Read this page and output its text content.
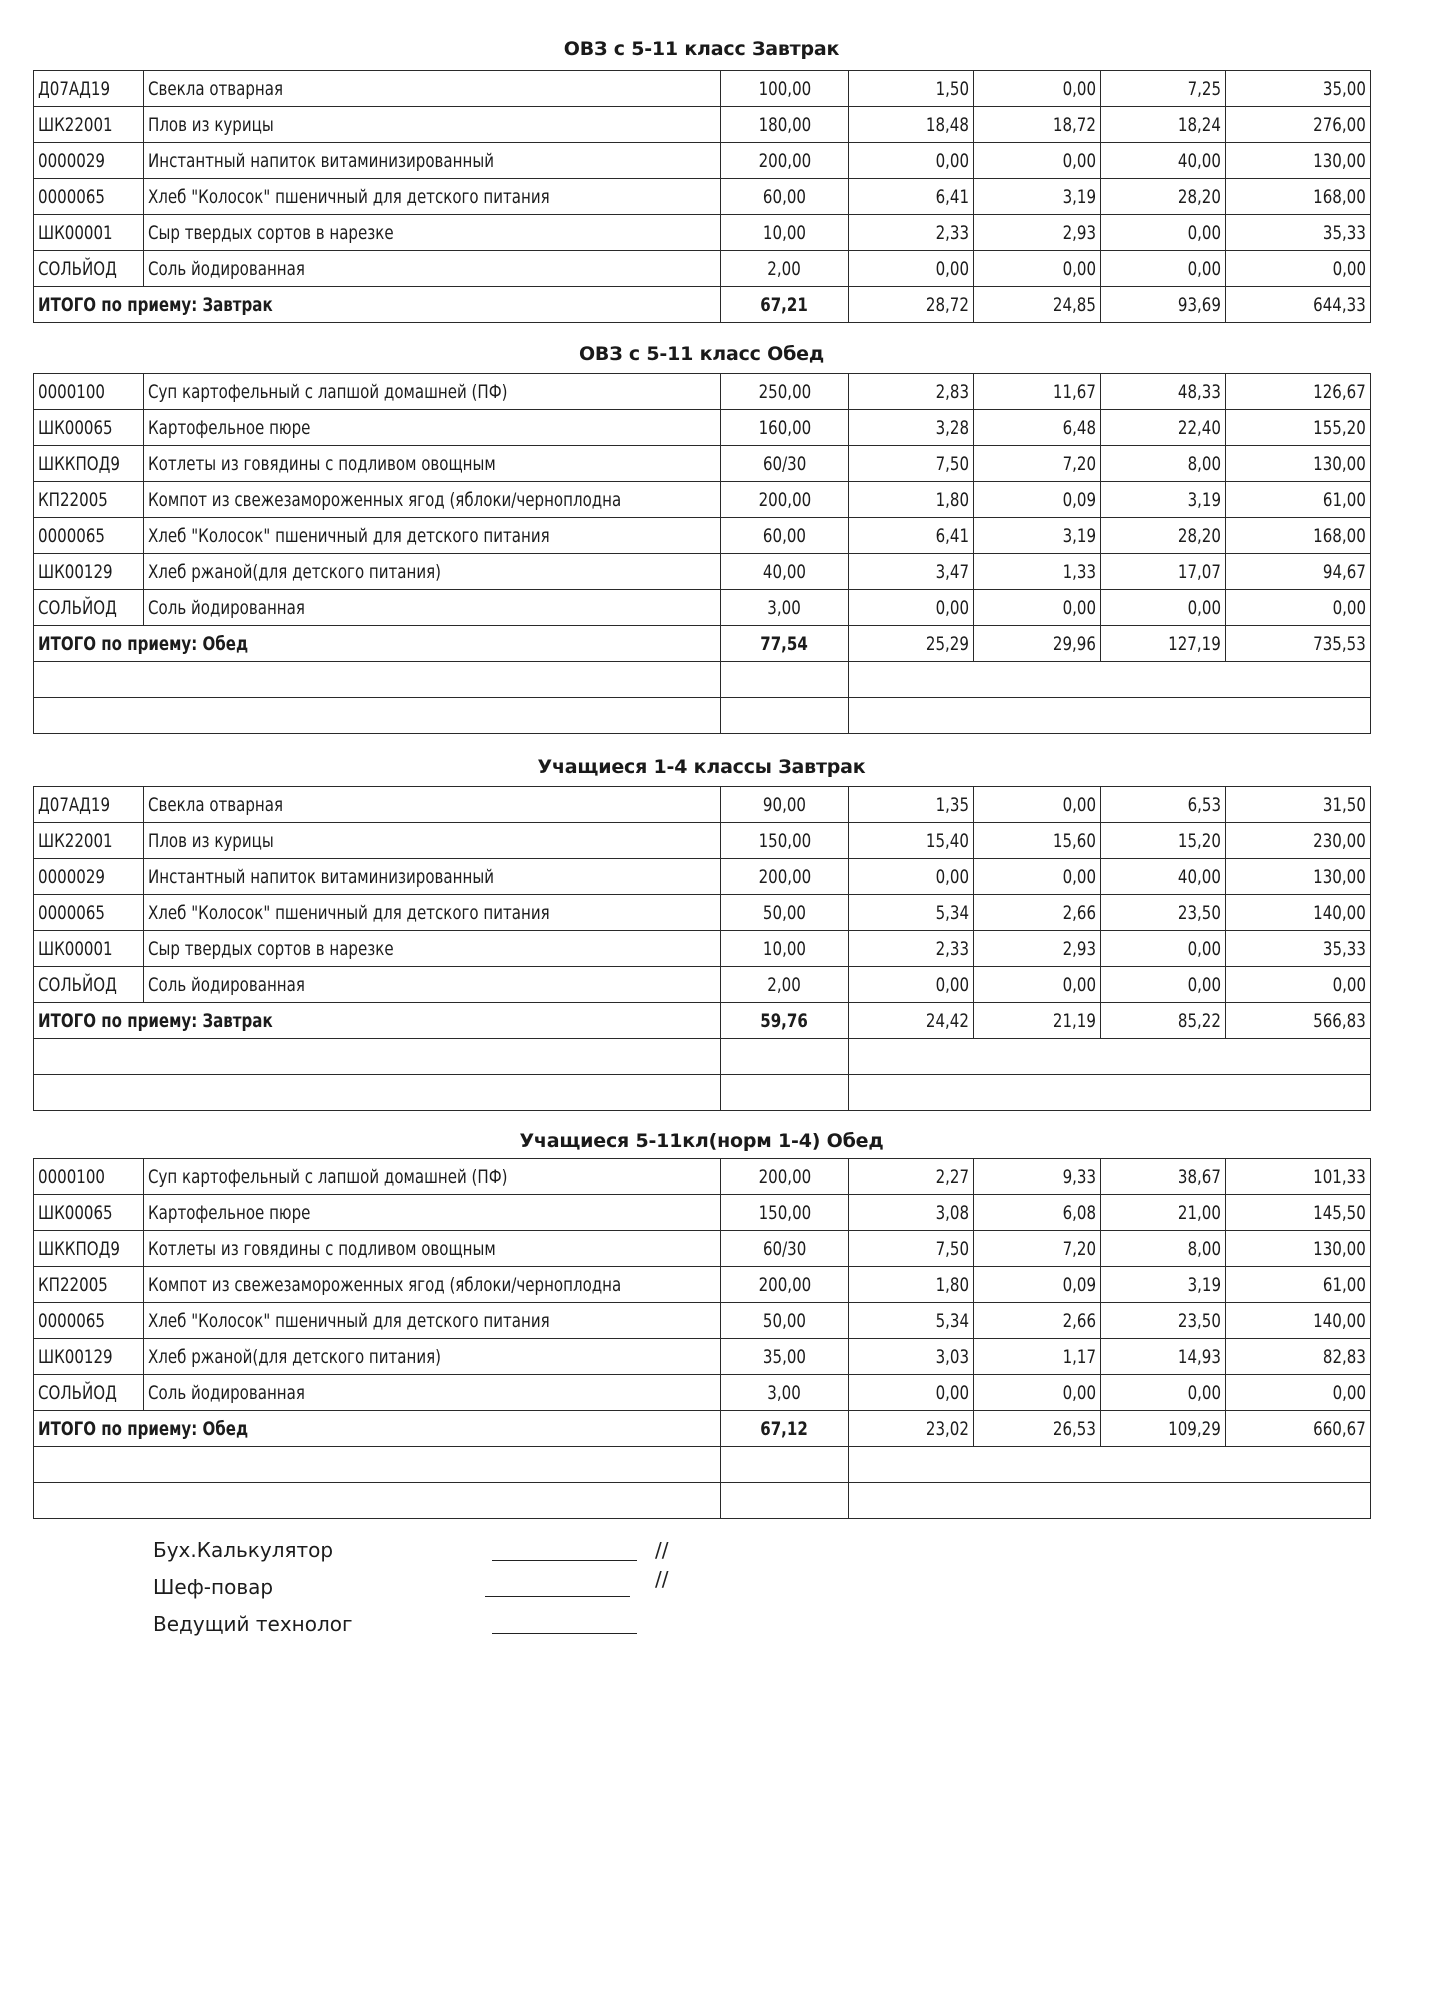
ОВЗ с 5-11 класс Завтрак
Д07АД19	Свекла отварная	100,00	1,50	0,00	7,25	35,00
ШК22001	Плов из курицы	180,00	18,48	18,72	18,24	276,00
0000029	Инстантный напиток витаминизированный	200,00	0,00	0,00	40,00	130,00
0000065	Хлеб "Колосок" пшеничный для детского питания	60,00	6,41	3,19	28,20	168,00
ШК00001	Сыр твердых сортов в нарезке	10,00	2,33	2,93	0,00	35,33
СОЛЬЙОД	Соль йодированная	2,00	0,00	0,00	0,00	0,00
ИТОГО по приему: Завтрак		67,21	28,72	24,85	93,69	644,33
ОВЗ с 5-11 класс Обед
0000100	Суп картофельный с лапшой домашней (ПФ)	250,00	2,83	11,67	48,33	126,67
ШК00065	Картофельное пюре	160,00	3,28	6,48	22,40	155,20
ШККПОД9	Котлеты из говядины с подливом овощным	60/30	7,50	7,20	8,00	130,00
КП22005	Компот из свежезамороженных ягод (яблоки/черноплодна	200,00	1,80	0,09	3,19	61,00
0000065	Хлеб "Колосок" пшеничный для детского питания	60,00	6,41	3,19	28,20	168,00
ШК00129	Хлеб ржаной(для детского питания)	40,00	3,47	1,33	17,07	94,67
СОЛЬЙОД	Соль йодированная	3,00	0,00	0,00	0,00	0,00
ИТОГО по приему: Обед		77,54	25,29	29,96	127,19	735,53

Учащиеся 1-4 классы Завтрак
Д07АД19	Свекла отварная	90,00	1,35	0,00	6,53	31,50
ШК22001	Плов из курицы	150,00	15,40	15,60	15,20	230,00
0000029	Инстантный напиток витаминизированный	200,00	0,00	0,00	40,00	130,00
0000065	Хлеб "Колосок" пшеничный для детского питания	50,00	5,34	2,66	23,50	140,00
ШК00001	Сыр твердых сортов в нарезке	10,00	2,33	2,93	0,00	35,33
СОЛЬЙОД	Соль йодированная	2,00	0,00	0,00	0,00	0,00
ИТОГО по приему: Завтрак		59,76	24,42	21,19	85,22	566,83

Учащиеся 5-11кл(норм 1-4) Обед
0000100	Суп картофельный с лапшой домашней (ПФ)	200,00	2,27	9,33	38,67	101,33
ШК00065	Картофельное пюре	150,00	3,08	6,08	21,00	145,50
ШККПОД9	Котлеты из говядины с подливом овощным	60/30	7,50	7,20	8,00	130,00
КП22005	Компот из свежезамороженных ягод (яблоки/черноплодна	200,00	1,80	0,09	3,19	61,00
0000065	Хлеб "Колосок" пшеничный для детского питания	50,00	5,34	2,66	23,50	140,00
ШК00129	Хлеб ржаной(для детского питания)	35,00	3,03	1,17	14,93	82,83
СОЛЬЙОД	Соль йодированная	3,00	0,00	0,00	0,00	0,00
ИТОГО по приему: Обед		67,12	23,02	26,53	109,29	660,67

Бух.Калькулятор	//
Шеф-повар	//
Ведущий технолог
